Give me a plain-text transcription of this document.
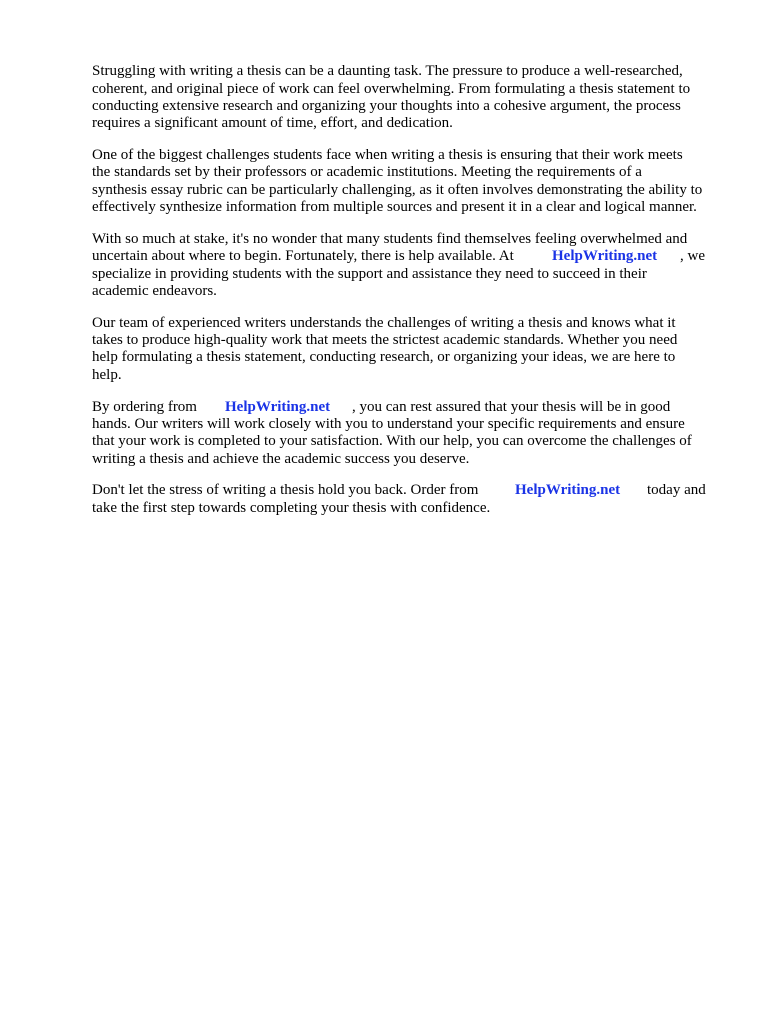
Struggling with writing a thesis can be a daunting task. The pressure to produce a well-researched,
coherent, and original piece of work can feel overwhelming. From formulating a thesis statement to
conducting extensive research and organizing your thoughts into a cohesive argument, the process
requires a significant amount of time, effort, and dedication.
One of the biggest challenges students face when writing a thesis is ensuring that their work meets
the standards set by their professors or academic institutions. Meeting the requirements of a
synthesis essay rubric can be particularly challenging, as it often involves demonstrating the ability to
effectively synthesize information from multiple sources and present it in a clear and logical manner.
With so much at stake, it's no wonder that many students find themselves feeling overwhelmed and
uncertain about where to begin. Fortunately, there is help available. At	HelpWriting.net , we
specialize in providing students with the support and assistance they need to succeed in their
academic endeavors.
Our team of experienced writers understands the challenges of writing a thesis and knows what it
takes to produce high-quality work that meets the strictest academic standards. Whether you need
help formulating a thesis statement, conducting research, or organizing your ideas, we are here to
help.
By ordering from HelpWriting.net , you can rest assured that your thesis will be in good
hands. Our writers will work closely with you to understand your specific requirements and ensure
that your work is completed to your satisfaction. With our help, you can overcome the challenges of
writing a thesis and achieve the academic success you deserve.
Don't let the stress of writing a thesis hold you back. Order from HelpWriting.net today and
take the first step towards completing your thesis with confidence.
